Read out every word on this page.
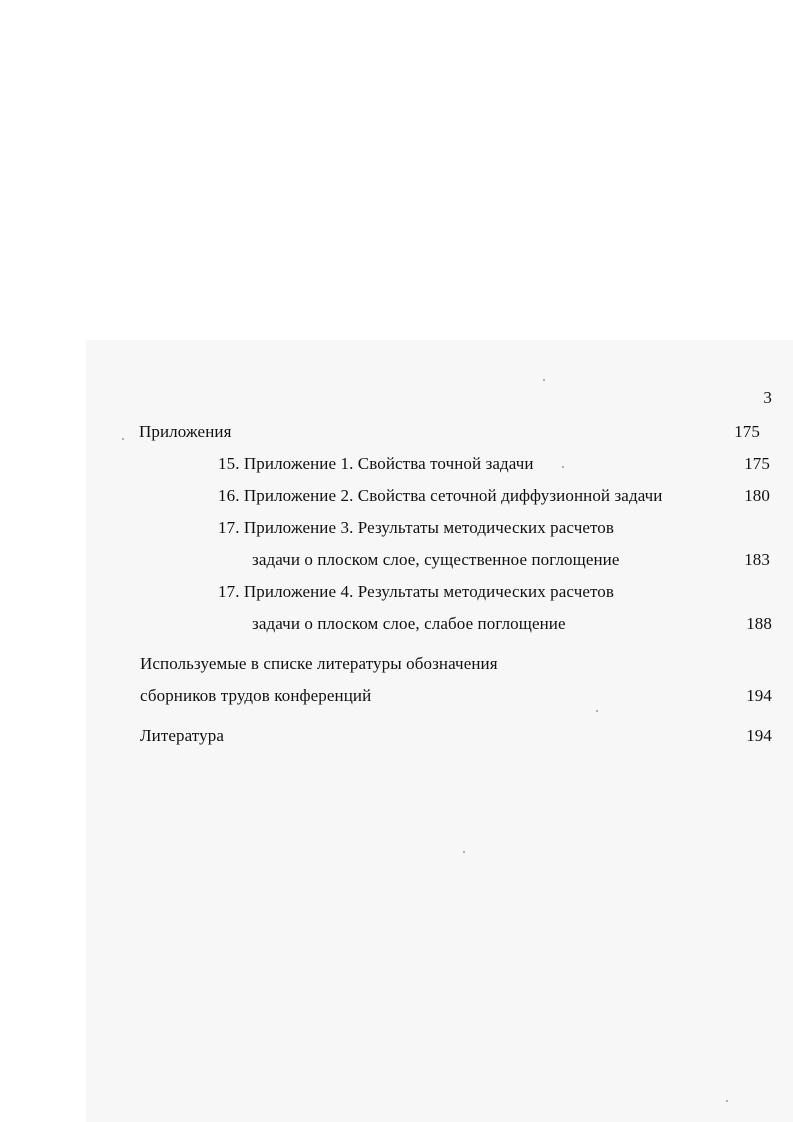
3
Приложения	175
15. Приложение 1. Свойства точной задачи	175
16. Приложение 2. Свойства сеточной диффузионной задачи	180
17. Приложение 3. Результаты методических расчетов
задачи о плоском слое, существенное поглощение	183
17. Приложение 4. Результаты методических расчетов
задачи о плоском слое, слабое поглощение	188
Используемые в списке литературы обозначения
сборников трудов конференций	194
Литература	194
